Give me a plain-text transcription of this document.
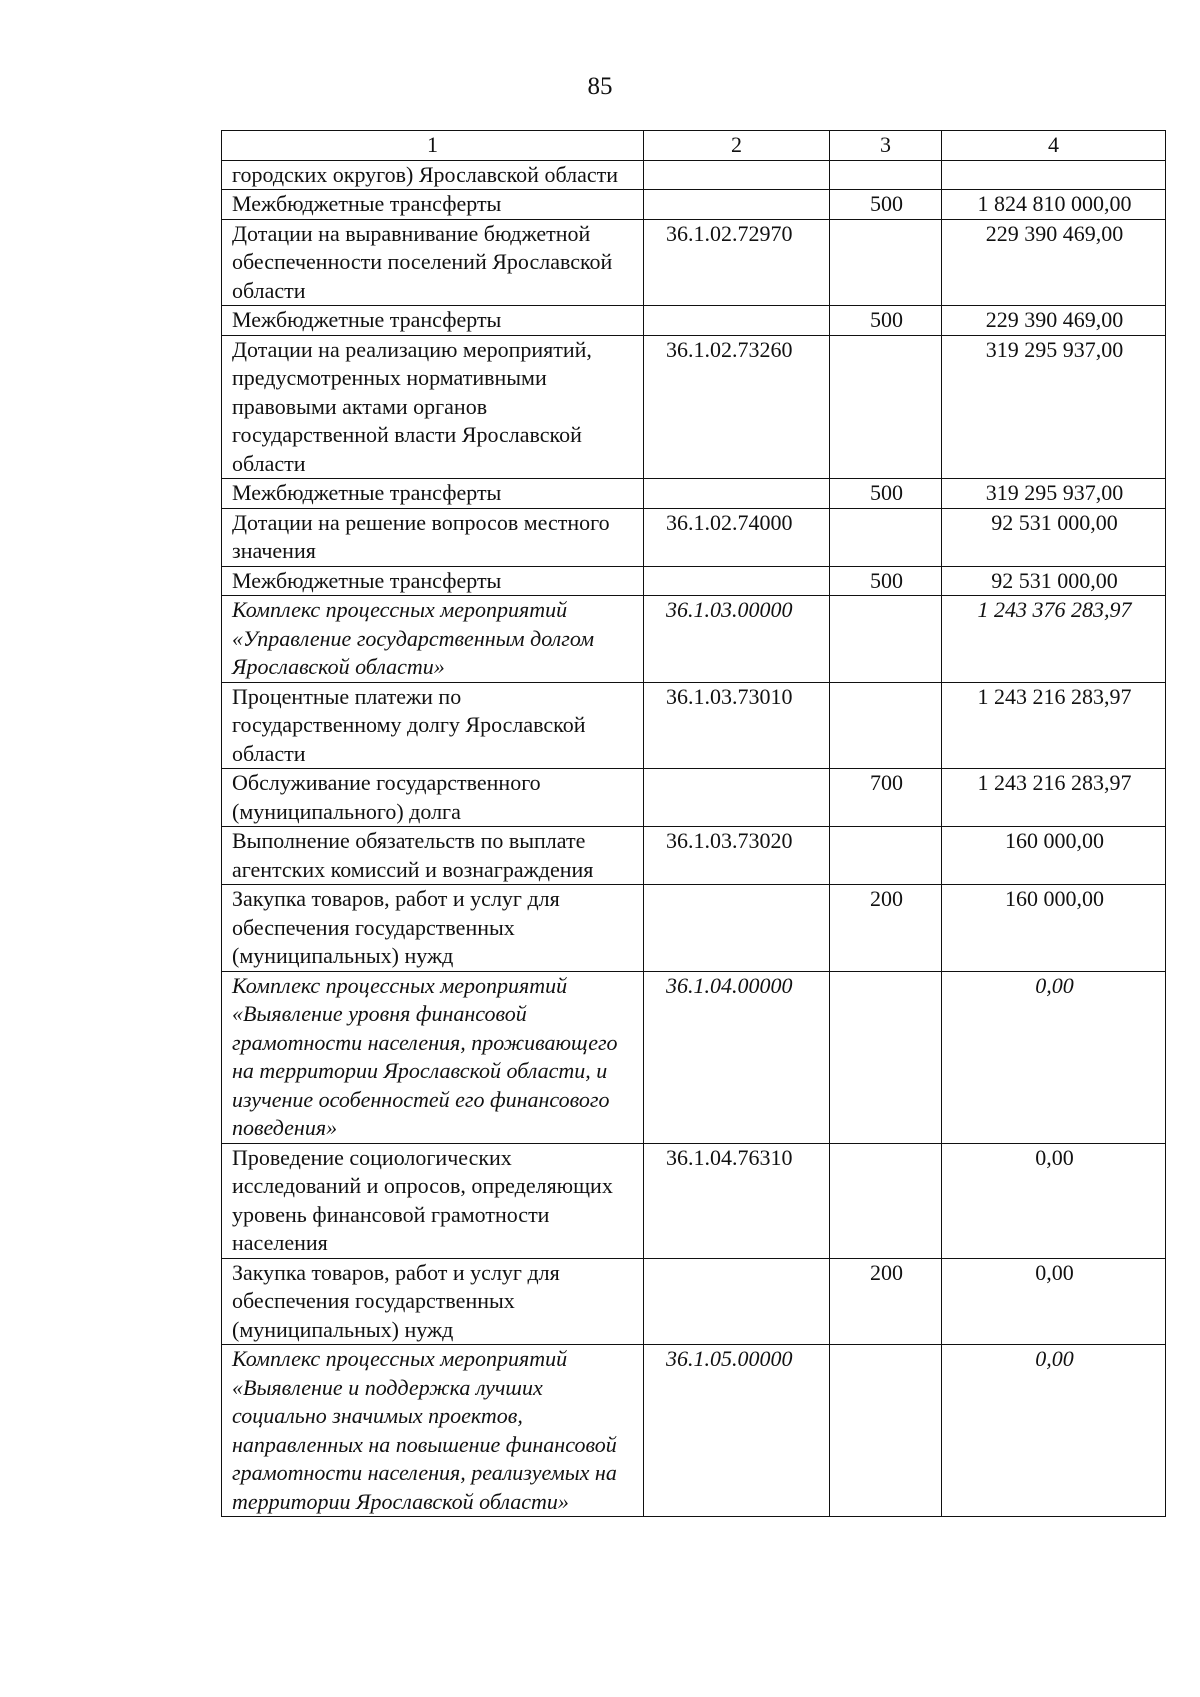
85
1	2	3	4
городских округов) Ярославской области			
Межбюджетные трансферты		500	1 824 810 000,00
Дотации на выравнивание бюджетной обеспеченности поселений Ярославской области	36.1.02.72970		229 390 469,00
Межбюджетные трансферты		500	229 390 469,00
Дотации на реализацию мероприятий, предусмотренных нормативными правовыми актами органов государственной власти Ярославской области	36.1.02.73260		319 295 937,00
Межбюджетные трансферты		500	319 295 937,00
Дотации на решение вопросов местного значения	36.1.02.74000		92 531 000,00
Межбюджетные трансферты		500	92 531 000,00
Комплекс процессных мероприятий «Управление государственным долгом Ярославской области»	36.1.03.00000		1 243 376 283,97
Процентные платежи по государственному долгу Ярославской области	36.1.03.73010		1 243 216 283,97
Обслуживание государственного (муниципального) долга		700	1 243 216 283,97
Выполнение обязательств по выплате агентских комиссий и вознаграждения	36.1.03.73020		160 000,00
Закупка товаров, работ и услуг для обеспечения государственных (муниципальных) нужд		200	160 000,00
Комплекс процессных мероприятий «Выявление уровня финансовой грамотности населения, проживающего на территории Ярославской области, и изучение особенностей его финансового поведения»	36.1.04.00000		0,00
Проведение социологических исследований и опросов, определяющих уровень финансовой грамотности населения	36.1.04.76310		0,00
Закупка товаров, работ и услуг для обеспечения государственных (муниципальных) нужд		200	0,00
Комплекс процессных мероприятий «Выявление и поддержка лучших социально значимых проектов, направленных на повышение финансовой грамотности населения, реализуемых на территории Ярославской области»	36.1.05.00000		0,00
